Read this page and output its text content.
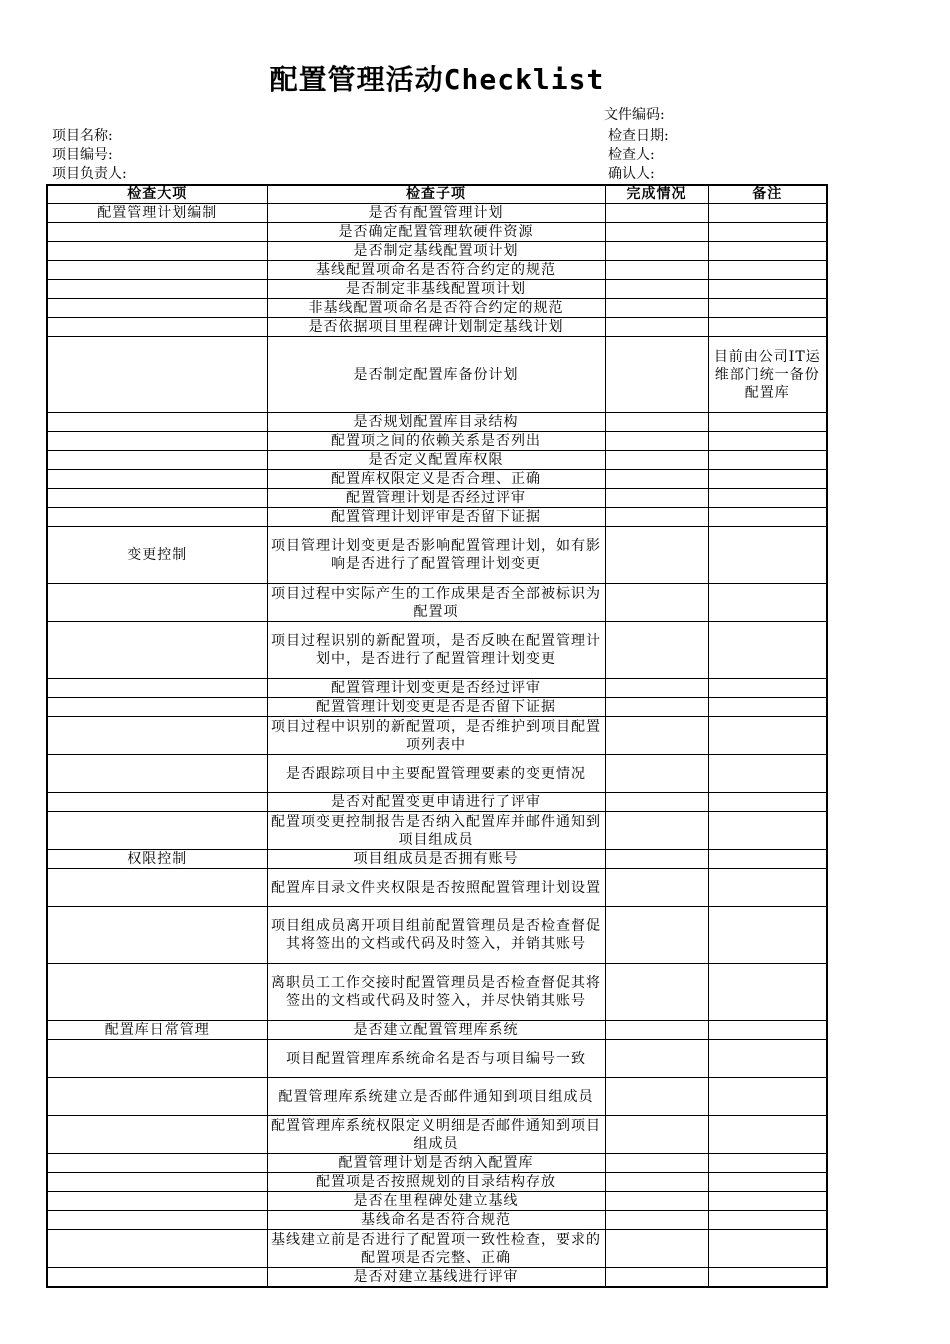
配置管理活动Checklist
文件编码:
项目名称:	检查日期:
项目编号:	检查人:
项目负责人:	确认人:
检查大项	检查子项	完成情况	备注
配置管理计划编制	是否有配置管理计划		
	是否确定配置管理软硬件资源		
	是否制定基线配置项计划		
	基线配置项命名是否符合约定的规范		
	是否制定非基线配置项计划		
	非基线配置项命名是否符合约定的规范		
	是否依据项目里程碑计划制定基线计划		
	是否制定配置库备份计划		目前由公司IT运维部门统一备份配置库
	是否规划配置库目录结构		
	配置项之间的依赖关系是否列出		
	是否定义配置库权限		
	配置库权限定义是否合理、正确		
	配置管理计划是否经过评审		
	配置管理计划评审是否留下证据		
变更控制	项目管理计划变更是否影响配置管理计划，如有影响是否进行了配置管理计划变更		
	项目过程中实际产生的工作成果是否全部被标识为配置项		
	项目过程识别的新配置项，是否反映在配置管理计划中，是否进行了配置管理计划变更		
	配置管理计划变更是否经过评审		
	配置管理计划变更是否是否留下证据		
	项目过程中识别的新配置项，是否维护到项目配置项列表中		
	是否跟踪项目中主要配置管理要素的变更情况		
	是否对配置变更申请进行了评审		
	配置项变更控制报告是否纳入配置库并邮件通知到项目组成员		
权限控制	项目组成员是否拥有账号		
	配置库目录文件夹权限是否按照配置管理计划设置		
	项目组成员离开项目组前配置管理员是否检查督促其将签出的文档或代码及时签入，并销其账号		
	离职员工工作交接时配置管理员是否检查督促其将签出的文档或代码及时签入，并尽快销其账号		
配置库日常管理	是否建立配置管理库系统		
	项目配置管理库系统命名是否与项目编号一致		
	配置管理库系统建立是否邮件通知到项目组成员		
	配置管理库系统权限定义明细是否邮件通知到项目组成员		
	配置管理计划是否纳入配置库		
	配置项是否按照规划的目录结构存放		
	是否在里程碑处建立基线		
	基线命名是否符合规范		
	基线建立前是否进行了配置项一致性检查，要求的配置项是否完整、正确		
	是否对建立基线进行评审		
